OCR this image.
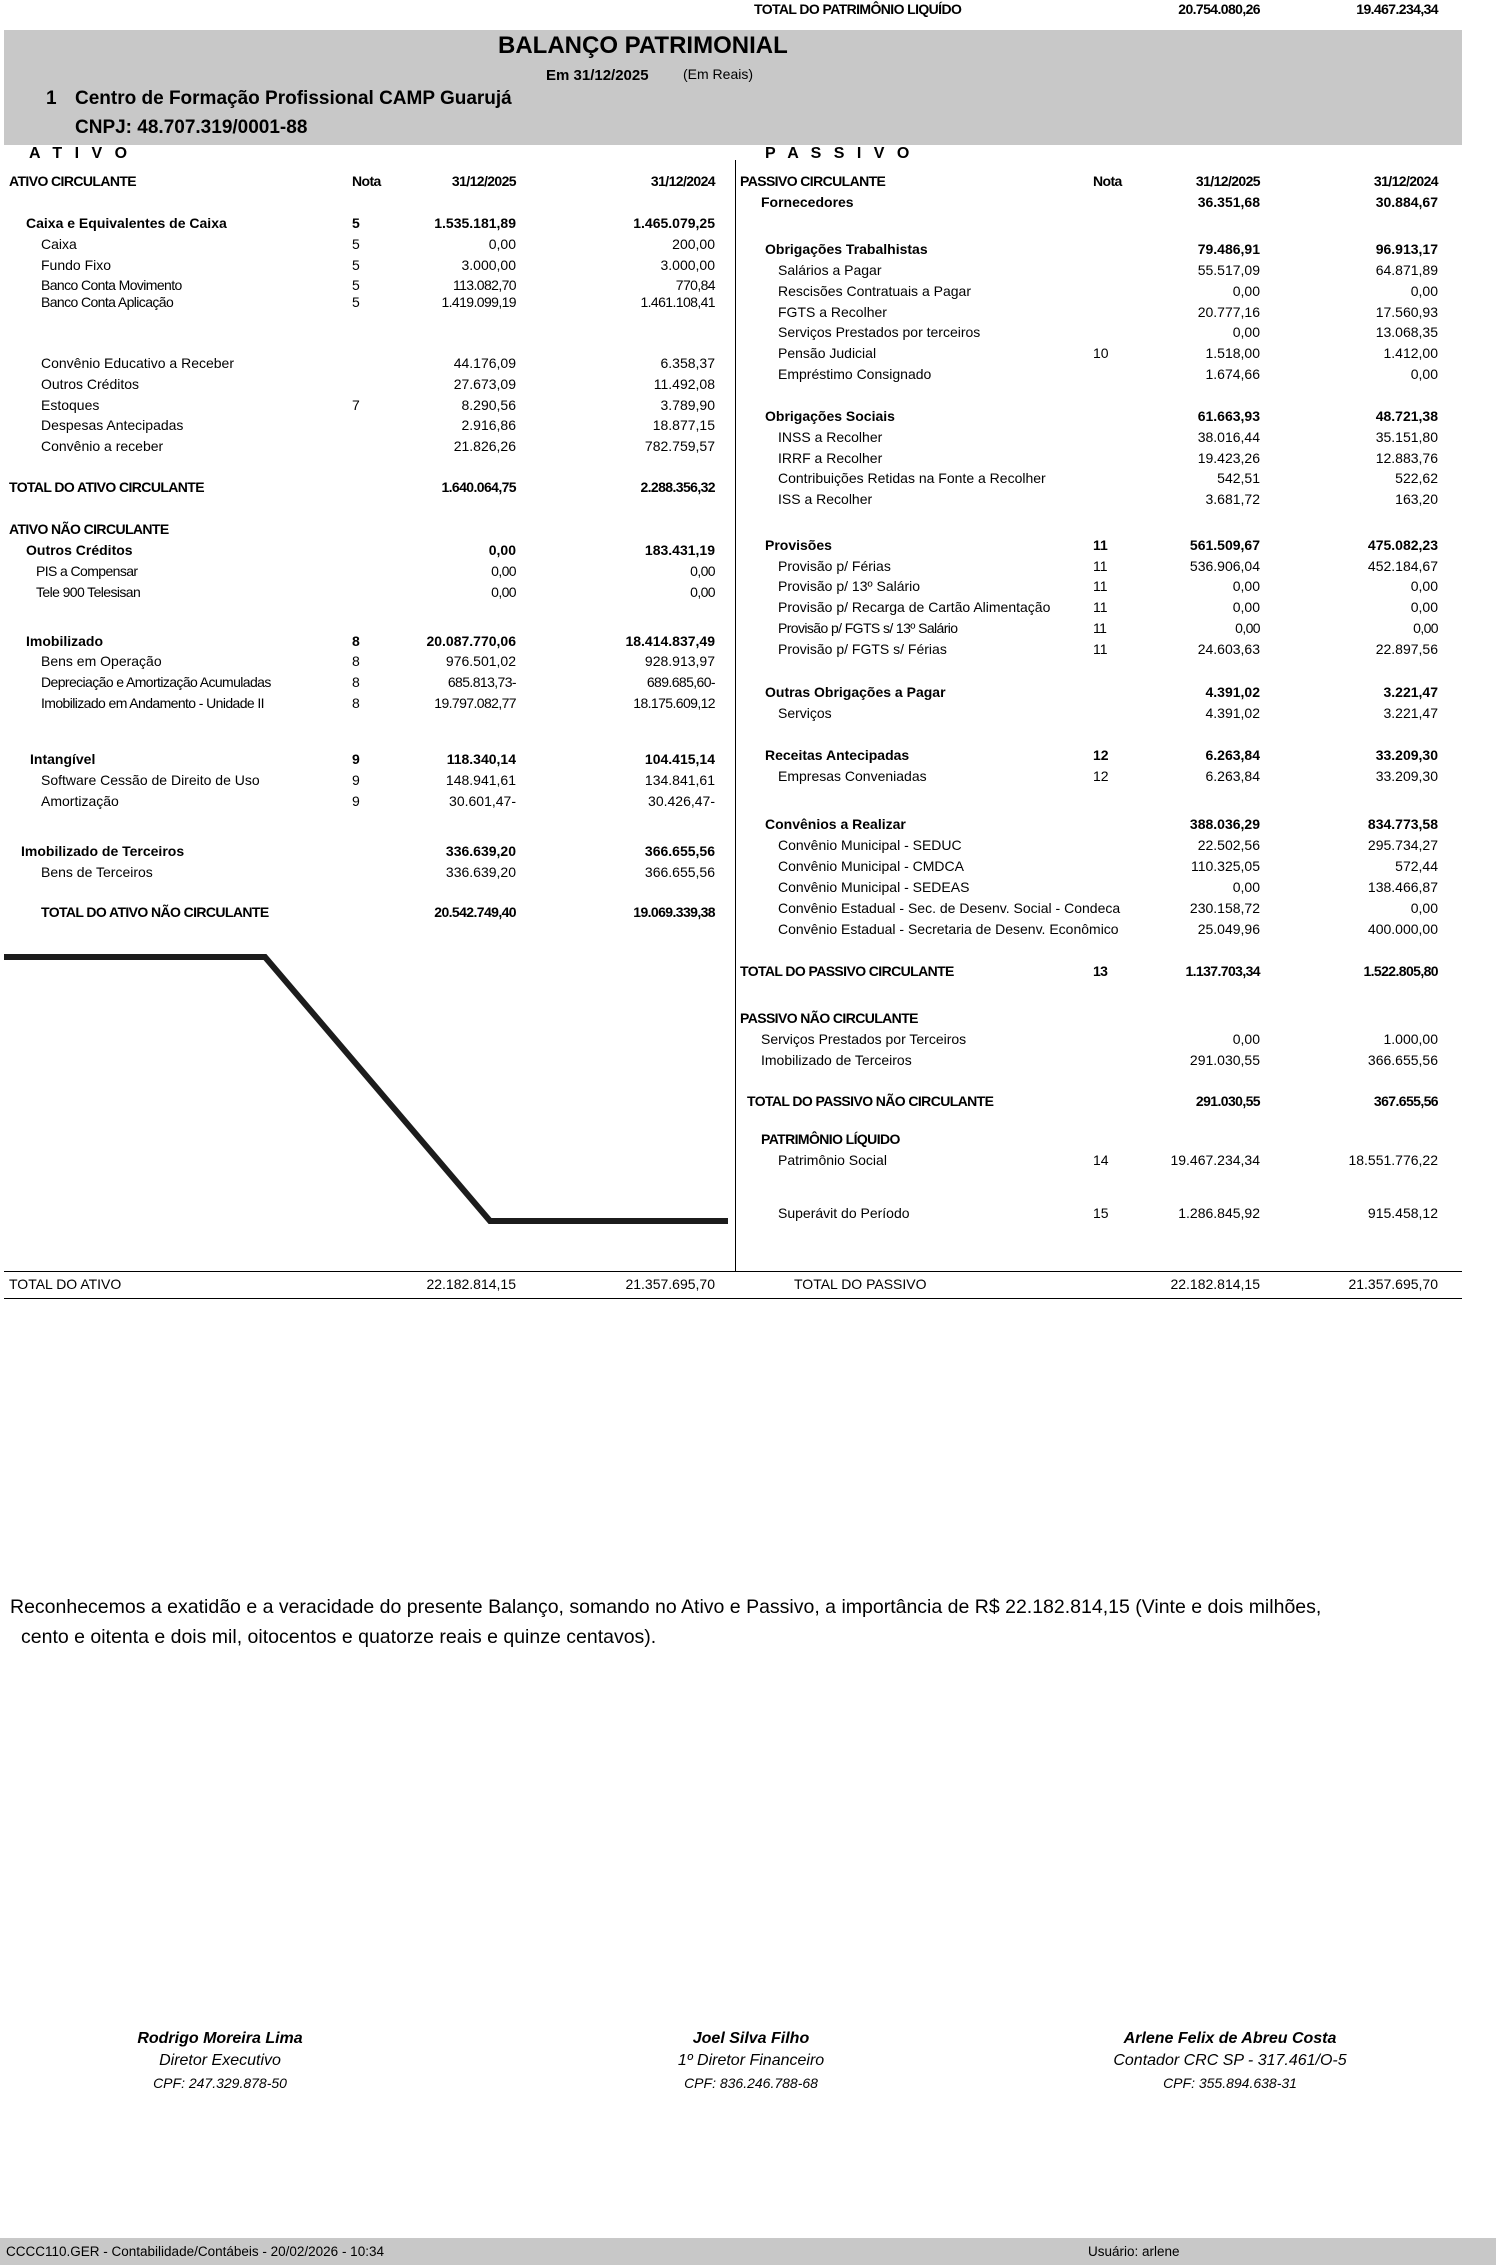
BALANÇO PATRIMONIAL
Em 31/12/2025 (Em Reais)
1 Centro de Formação Profissional CAMP Guarujá
CNPJ: 48.707.319/0001-88
A T I V O	P A S S I V O
ATIVO CIRCULANTE	Nota	31/12/2025	31/12/2024
Caixa e Equivalentes de Caixa	5	1.535.181,89	1.465.079,25
Caixa	5	0,00	200,00
Fundo Fixo	5	3.000,00	3.000,00
Banco Conta Movimento	5	113.082,70	770,84
Banco Conta Aplicação	5	1.419.099,19	1.461.108,41
Convênio Educativo a Receber	44.176,09	6.358,37
Outros Créditos	27.673,09	11.492,08
Estoques	7	8.290,56	3.789,90
Despesas Antecipadas	2.916,86	18.877,15
Convênio a receber	21.826,26	782.759,57
TOTAL DO ATIVO CIRCULANTE	1.640.064,75	2.288.356,32
ATIVO NÃO CIRCULANTE
Outros Créditos	0,00	183.431,19
PIS a Compensar	0,00	0,00
Tele 900 Telesisan	0,00	0,00
Imobilizado	8	20.087.770,06	18.414.837,49
Bens em Operação	8	976.501,02	928.913,97
Depreciação e Amortização Acumuladas	8	685.813,73-	689.685,60-
Imobilizado em Andamento - Unidade II	8	19.797.082,77	18.175.609,12
Intangível	9	118.340,14	104.415,14
Software Cessão de Direito de Uso	9	148.941,61	134.841,61
Amortização	9	30.601,47-	30.426,47-
Imobilizado de Terceiros	336.639,20	366.655,56
Bens de Terceiros	336.639,20	366.655,56
TOTAL DO ATIVO NÃO CIRCULANTE	20.542.749,40	19.069.339,38
PASSIVO CIRCULANTE	Nota	31/12/2025	31/12/2024
Fornecedores	36.351,68	30.884,67
Obrigações Trabalhistas	79.486,91	96.913,17
Salários a Pagar	55.517,09	64.871,89
Rescisões Contratuais a Pagar	0,00	0,00
FGTS a Recolher	20.777,16	17.560,93
Serviços Prestados por terceiros	0,00	13.068,35
Pensão Judicial	10	1.518,00	1.412,00
Empréstimo Consignado	1.674,66	0,00
Obrigações Sociais	61.663,93	48.721,38
INSS a Recolher	38.016,44	35.151,80
IRRF a Recolher	19.423,26	12.883,76
Contribuições Retidas na Fonte a Recolher	542,51	522,62
ISS a Recolher	3.681,72	163,20
Provisões	11	561.509,67	475.082,23
Provisão p/ Férias	11	536.906,04	452.184,67
Provisão p/ 13º Salário	11	0,00	0,00
Provisão p/ Recarga de Cartão Alimentação	11	0,00	0,00
Provisão p/ FGTS s/ 13º Salário	11	0,00	0,00
Provisão p/ FGTS s/ Férias	11	24.603,63	22.897,56
Outras Obrigações a Pagar	4.391,02	3.221,47
Serviços	4.391,02	3.221,47
Receitas Antecipadas	12	6.263,84	33.209,30
Empresas Conveniadas	12	6.263,84	33.209,30
Convênios a Realizar	388.036,29	834.773,58
Convênio Municipal - SEDUC	22.502,56	295.734,27
Convênio Municipal - CMDCA	110.325,05	572,44
Convênio Municipal - SEDEAS	0,00	138.466,87
Convênio Estadual - Sec. de Desenv. Social - Condeca	230.158,72	0,00
Convênio Estadual - Secretaria de Desenv. Econômico	25.049,96	400.000,00
TOTAL DO PASSIVO CIRCULANTE	13	1.137.703,34	1.522.805,80
PASSIVO NÃO CIRCULANTE
Serviços Prestados por Terceiros	0,00	1.000,00
Imobilizado de Terceiros	291.030,55	366.655,56
TOTAL DO PASSIVO NÃO CIRCULANTE	291.030,55	367.655,56
PATRIMÔNIO LÍQUIDO
Patrimônio Social	14	19.467.234,34	18.551.776,22
Superávit do Período	15	1.286.845,92	915.458,12
TOTAL DO PATRIMÔNIO LIQUÍDO	20.754.080,26	19.467.234,34
TOTAL DO ATIVO	22.182.814,15	21.357.695,70	TOTAL DO PASSIVO	22.182.814,15	21.357.695,70
Reconhecemos a exatidão e a veracidade do presente Balanço, somando no Ativo e Passivo, a importância de R$ 22.182.814,15 (Vinte e dois milhões,
cento e oitenta e dois mil, oitocentos e quatorze reais e quinze centavos).
Rodrigo Moreira Lima
Diretor Executivo
CPF: 247.329.878-50
Joel Silva Filho
1º Diretor Financeiro
CPF: 836.246.788-68
Arlene Felix de Abreu Costa
Contador CRC SP - 317.461/O-5
CPF: 355.894.638-31
CCCC110.GER - Contabilidade/Contábeis - 20/02/2026 - 10:34	Usuário: arlene
